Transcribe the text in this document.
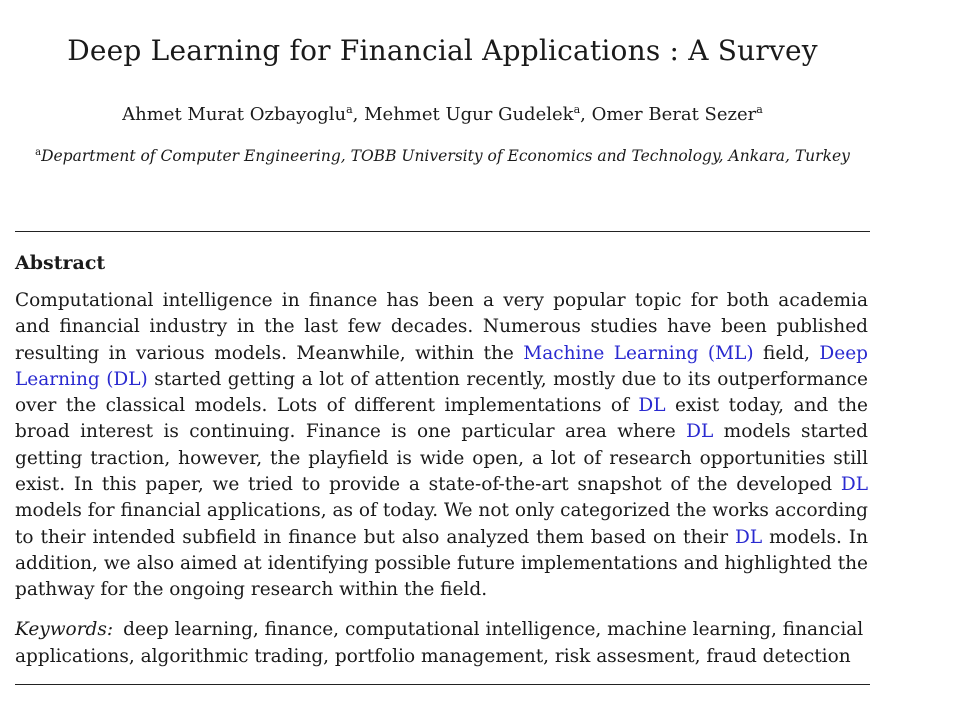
Deep Learning for Financial Applications : A Survey
Ahmet Murat Ozbayoglu$^a$, Mehmet Ugur Gudelek$^a$, Omer Berat Sezer$^a$
$^a$Department of Computer Engineering, TOBB University of Economics and Technology, Ankara, Turkey
Abstract
Computational intelligence in finance has been a very popular topic for both academia and financial industry in the last few decades. Numerous studies have been published resulting in various models. Meanwhile, within the Machine Learning (ML) field, Deep Learning (DL) started getting a lot of attention recently, mostly due to its outperformance over the classical models. Lots of different implementations of DL exist today, and the broad interest is continuing. Finance is one particular area where DL models started getting traction, however, the playfield is wide open, a lot of research opportunities still exist. In this paper, we tried to provide a state-of-the-art snapshot of the developed DL models for financial applications, as of today. We not only categorized the works according to their intended subfield in finance but also analyzed them based on their DL models. In addition, we also aimed at identifying possible future implementations and highlighted the pathway for the ongoing research within the field.
Keywords: deep learning, finance, computational intelligence, machine learning, financial applications, algorithmic trading, portfolio management, risk assesment, fraud detection
